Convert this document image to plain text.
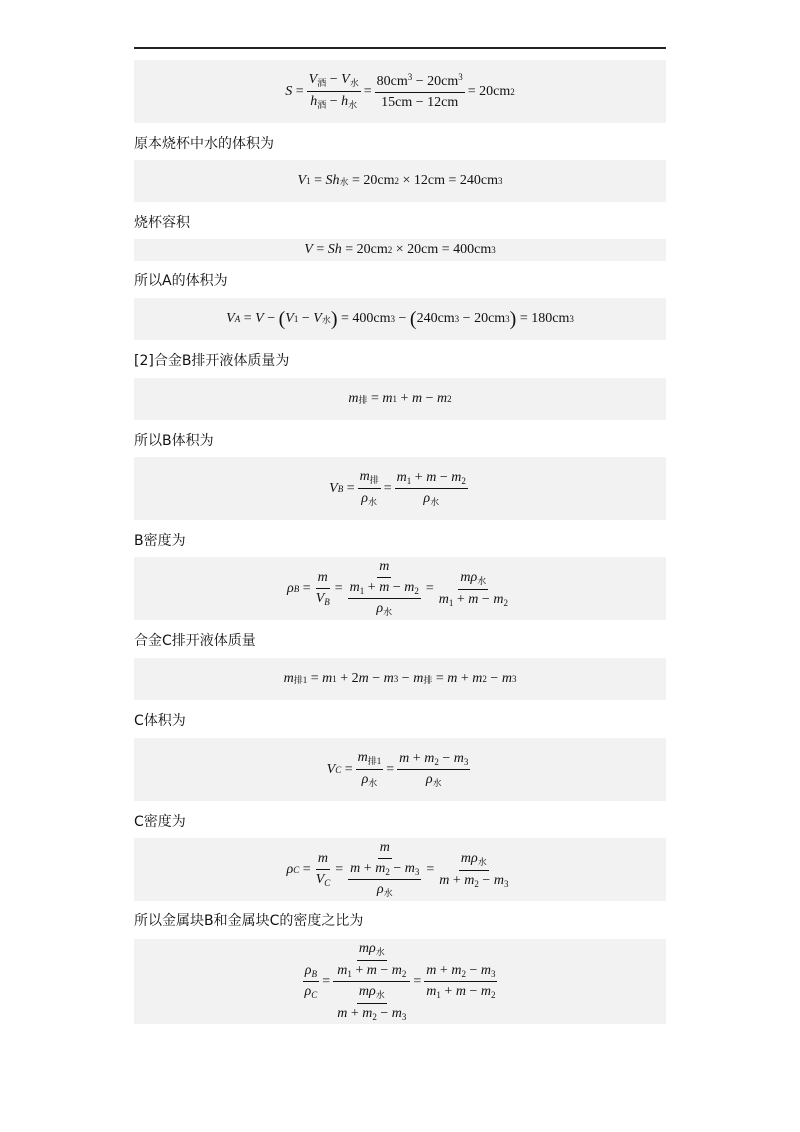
$S = \frac{V_酒 - V_水}{h_酒 - h_水} = \frac{80cm^3 - 20cm^3}{15cm - 12cm} = 20cm$ 2
原本烧杯中水的体积为
V 1 = Sh 水 = 20cm 2 × 12cm = 240cm 3
烧杯容积
V = Sh = 20cm 2 × 20cm = 400cm 3
所以A的体积为
V A = V − ( V 1 − V 水 ) = 400cm 3 − ( 240cm 3 − 20cm 3 ) = 180cm 3
[2]合金B排开液体质量为
m 排 = m 1 + m − m 2
所以B体积为
V $B = \frac{m_排}{\rho_水} = \frac{m_1 + m - m_2}{\rho_水}$
B密度为
ρ $B = \frac{m}{V_B} = \frac{m}{\frac{m_1 + m - m_2}{\rho_水}} = \frac{m\rho_水}{m_1 + m - m_2}$
合金C排开液体质量
m 排1 = m 1 + 2 m − m 3 − m 排 = m + m 2 − m 3
C体积为
V $C = \frac{m_{排1}}{\rho_水} = \frac{m + m_2 - m_3}{\rho_水}$
C密度为
ρ $C = \frac{m}{V_C} = \frac{m}{\frac{m + m_2 - m_3}{\rho_水}} = \frac{m\rho_水}{m + m_2 - m_3}$
所以金属块B和金属块C的密度之比为
$\frac{\rho_B}{\rho_C} = \frac{\frac{m\rho_水}{m_1 + m - m_2}}{\frac{m\rho_水}{m + m_2 - m_3}} = \frac{m + m_2 - m_3}{m_1 + m - m_2}$
